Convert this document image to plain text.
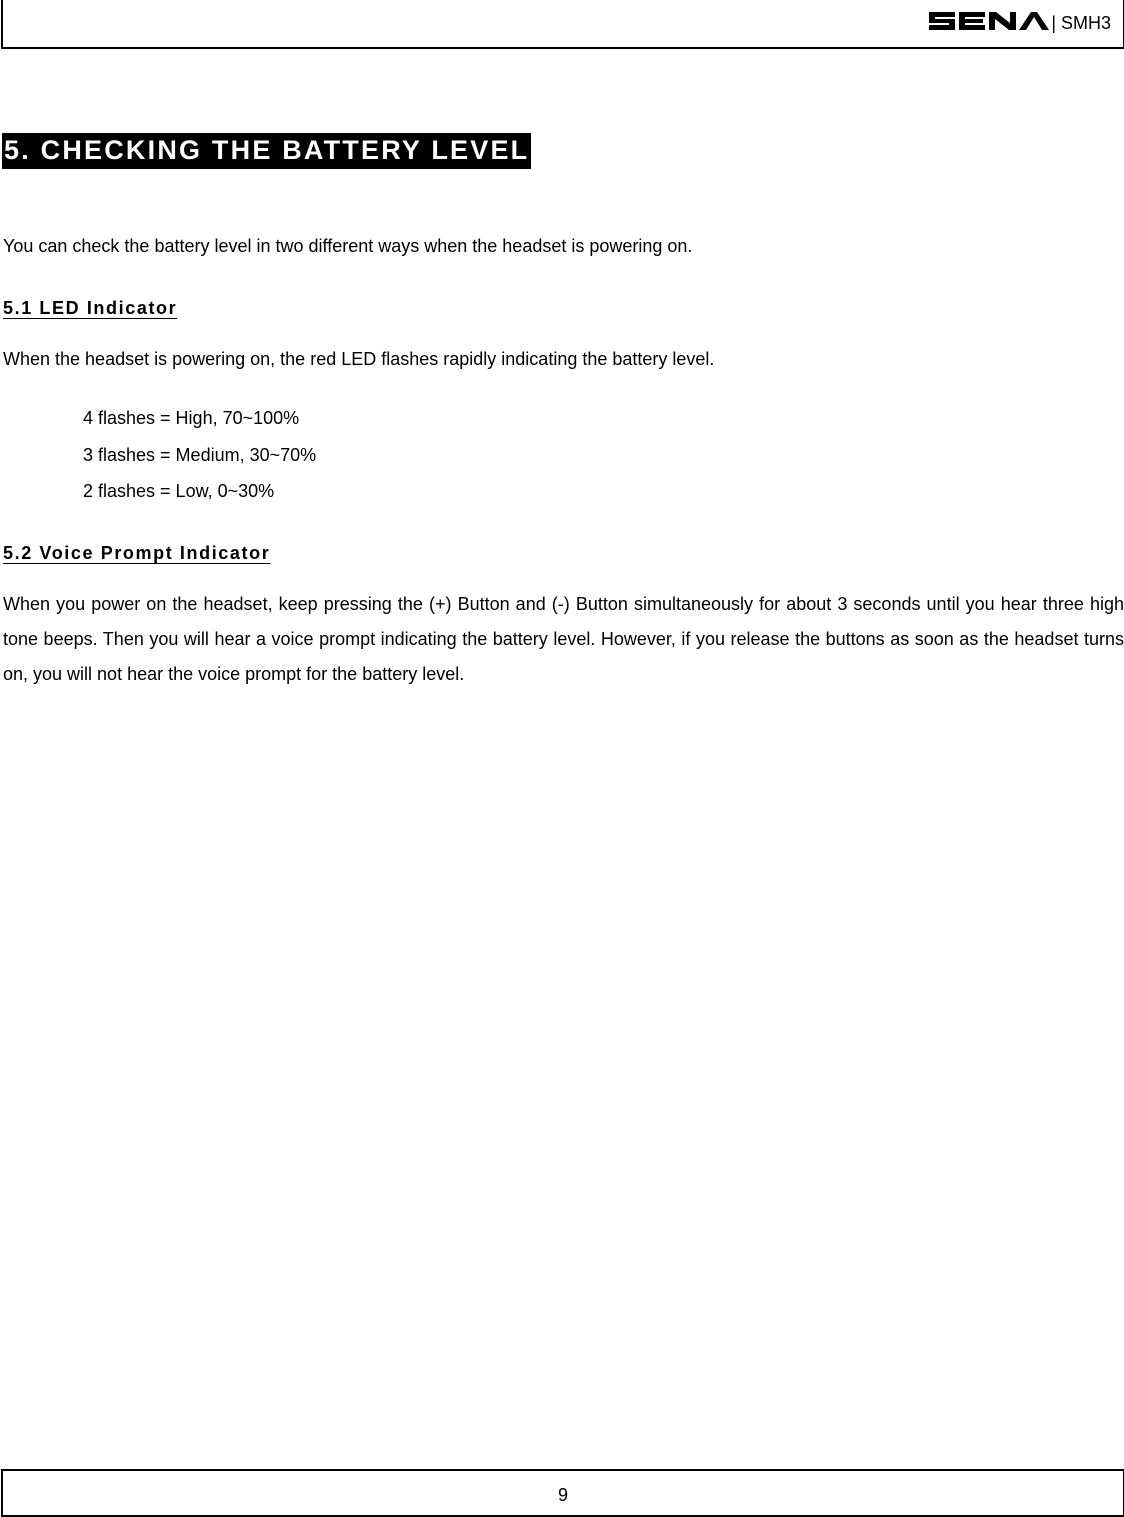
| SMH3
5. CHECKING THE BATTERY LEVEL
You can check the battery level in two different ways when the headset is powering on.
5.1 LED Indicator
When the headset is powering on, the red LED flashes rapidly indicating the battery level.
4 flashes = High, 70~100%
3 flashes = Medium, 30~70%
2 flashes = Low, 0~30%
5.2 Voice Prompt Indicator
When you power on the headset, keep pressing the (+) Button and (-) Button simultaneously for about 3 seconds until you hear three high tone beeps. Then you will hear a voice prompt indicating the battery level. However, if you release the buttons as soon as the headset turns on, you will not hear the voice prompt for the battery level.
9
